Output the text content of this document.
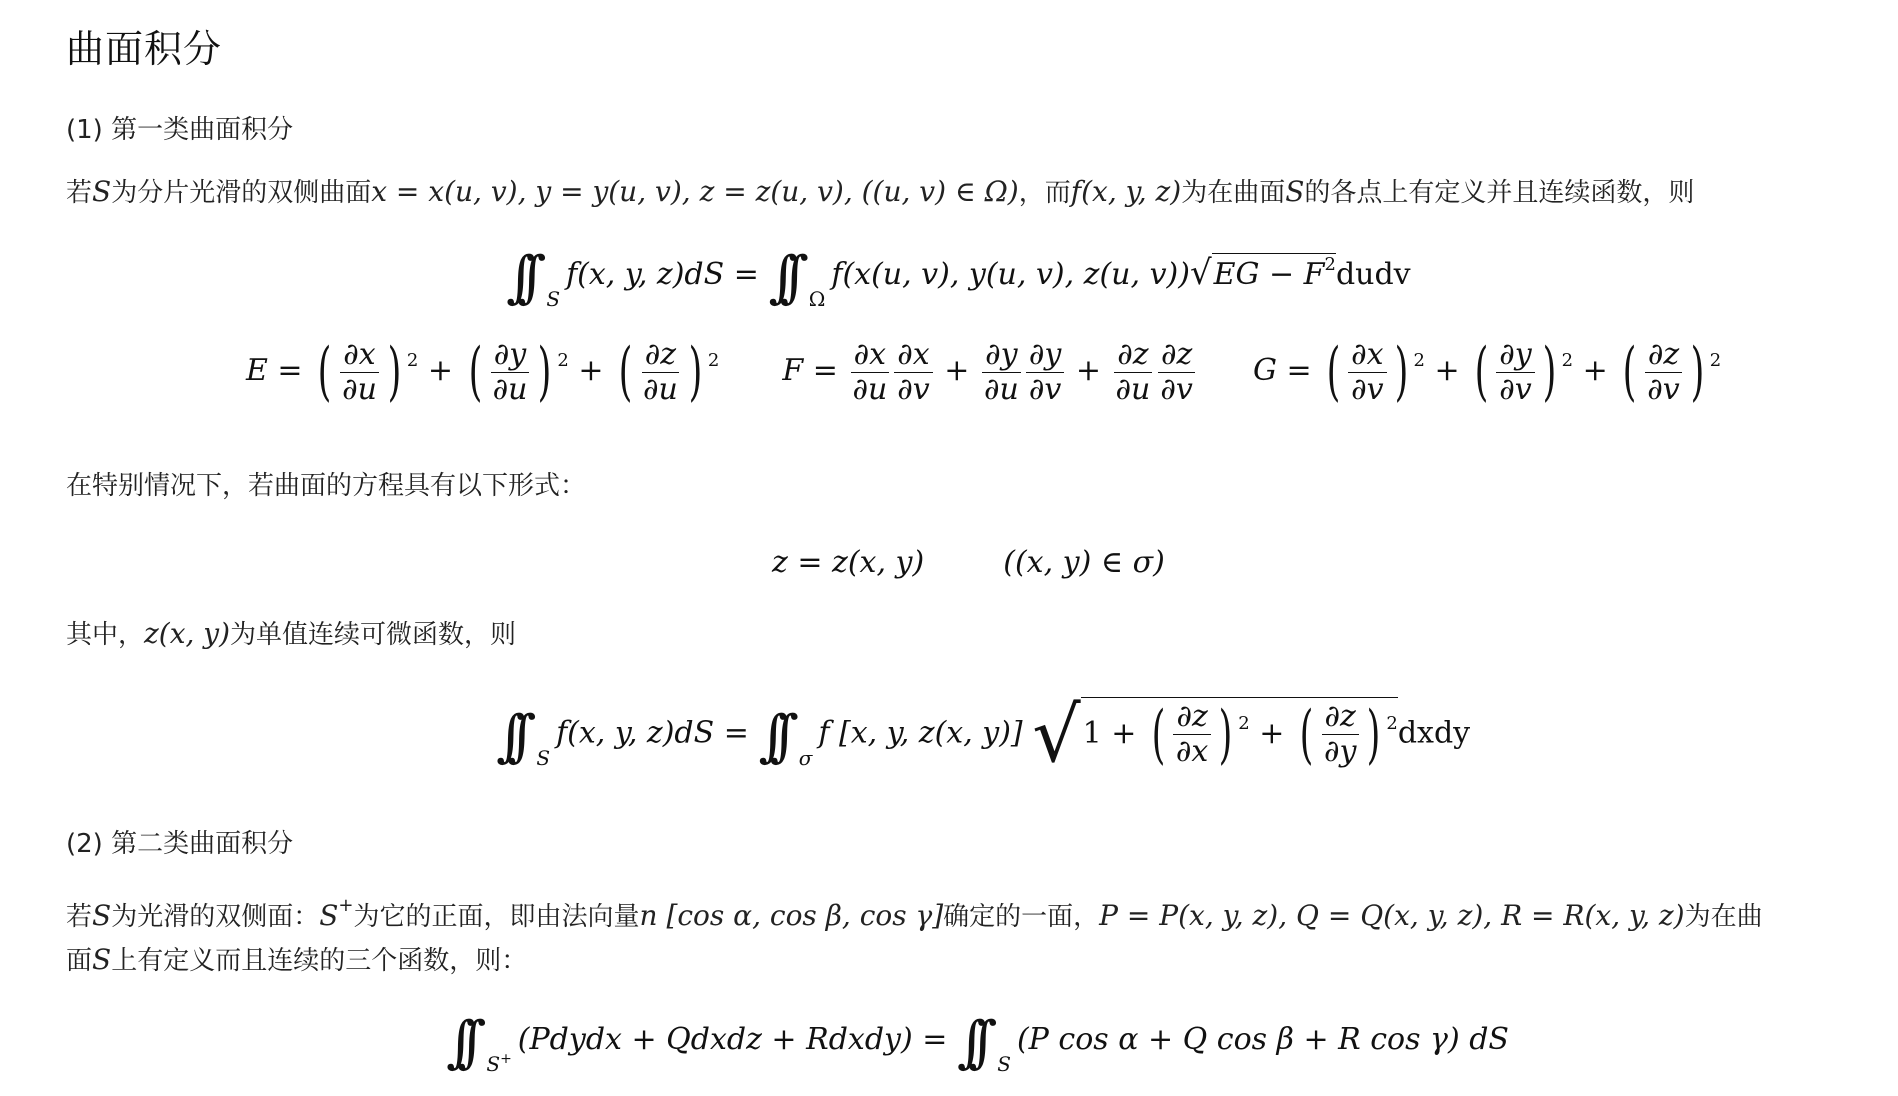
曲面积分
(1) 第一类曲面积分
若S为分片光滑的双侧曲面x = x(u, v), y = y(u, v), z = z(u, v), ((u, v) ∈ Ω)，而f(x, y, z)为在曲面S的各点上有定义并且连续函数，则
∫∫ $_S$f(x, y, z)dS = ∫∫ $_\Omega$f(x(u, v), y(u, v), z(u, $v))√EG - F^2dudv$
E = ( $\frac{\partial x}{\partial u}$ ) $^2$ + ( $\frac{\partial y}{\partial u}$ ) $^2$ + ( $\frac{\partial z}{\partial u}$ ) $^2$ $F = \frac{\partial x}{\partial u} \frac{\partial x}{\partial v} + \frac{\partial y}{\partial u} \frac{\partial y}{\partial v} + \frac{\partial z}{\partial u} \frac{\partial z}{\partial v}$ G = ( $\frac{\partial x}{\partial v}$ ) $^2$ + ( $\frac{\partial y}{\partial v}$ ) $^2$ + ( $\frac{\partial z}{\partial v}$ ) $^2$
在特别情况下，若曲面的方程具有以下形式：
z = z(x, y)	((x, y) ∈ σ)
其中，z(x, y)为单值连续可微函数，则
∫∫ $_S$f(x, y, z)dS = ∫∫ $_\sigma$f [x, y, z(x, y)] √1 + ( $\frac{\partial z}{\partial x}$ ) $^2$ + ( $\frac{\partial z}{\partial y}$ ) $^2$dxdy
(2) 第二类曲面积分
若S为光滑的双侧面：S+为它的正面，即由法向量n [cos α, cos β, cos γ]确定的一面，P = P(x, y, z), Q = Q(x, y, z), R = R(x, y, z)为在曲
面S上有定义而且连续的三个函数，则：
∫∫ $_{S^+}$(Pdydx + Qdxdz + Rdxdy) = ∫∫ $_S$(P cos α + Q cos β + R cos γ) dS
